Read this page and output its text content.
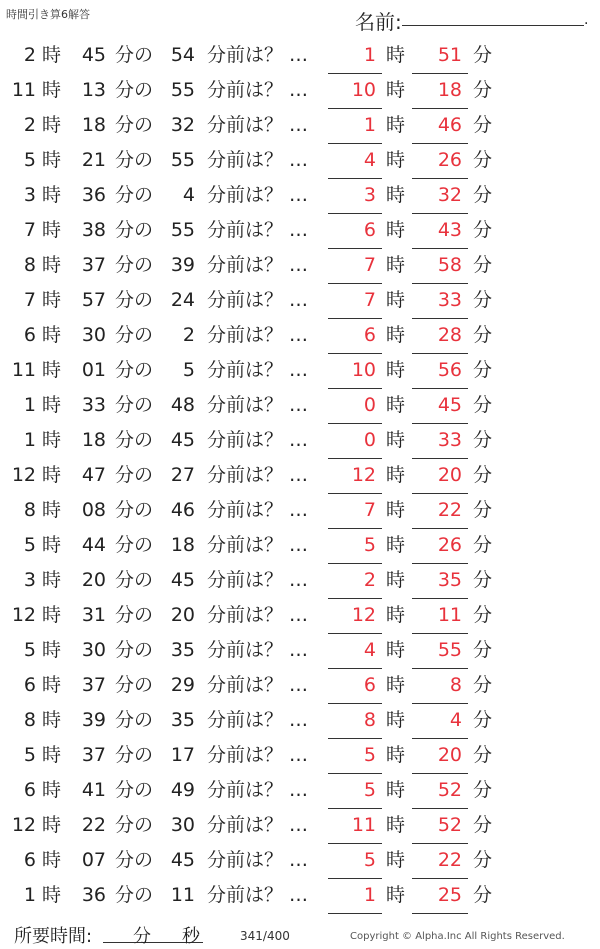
時間引き算6解答	名前:	.
2 時	45 分の 54 分前は？ …	1 時	51 分
11 時	13 分の 55 分前は？ …	10 時	18 分
2 時	18 分の 32 分前は？ …	1 時	46 分
5 時	21 分の 55 分前は？ …	4 時	26 分
3 時	36 分の	4 分前は？ …	3 時	32 分
7 時	38 分の 55 分前は？ …	6 時	43 分
8 時	37 分の 39 分前は？ …	7 時	58 分
7 時	57 分の 24 分前は？ …	7 時	33 分
6 時	30 分の	2 分前は？ …	6 時	28 分
11 時	01 分の	5 分前は？ …	10 時	56 分
1 時	33 分の 48 分前は？ …	0 時	45 分
1 時	18 分の 45 分前は？ …	0 時	33 分
12 時	47 分の 27 分前は？ …	12 時	20 分
8 時	08 分の 46 分前は？ …	7 時	22 分
5 時	44 分の 18 分前は？ …	5 時	26 分
3 時	20 分の 45 分前は？ …	2 時	35 分
12 時	31 分の 20 分前は？ …	12 時	11 分
5 時	30 分の 35 分前は？ …	4 時	55 分
6 時	37 分の 29 分前は？ …	6 時	8 分
8 時	39 分の 35 分前は？ …	8 時	4 分
5 時	37 分の 17 分前は？ …	5 時	20 分
6 時	41 分の 49 分前は？ …	5 時	52 分
12 時	22 分の 30 分前は？ …	11 時	52 分
6 時	07 分の 45 分前は？ …	5 時	22 分
1 時	36 分の 11 分前は？ …	1 時	25 分
所要時間: 分 秒	341/400	Copyright © Alpha.Inc All Rights Reserved.
